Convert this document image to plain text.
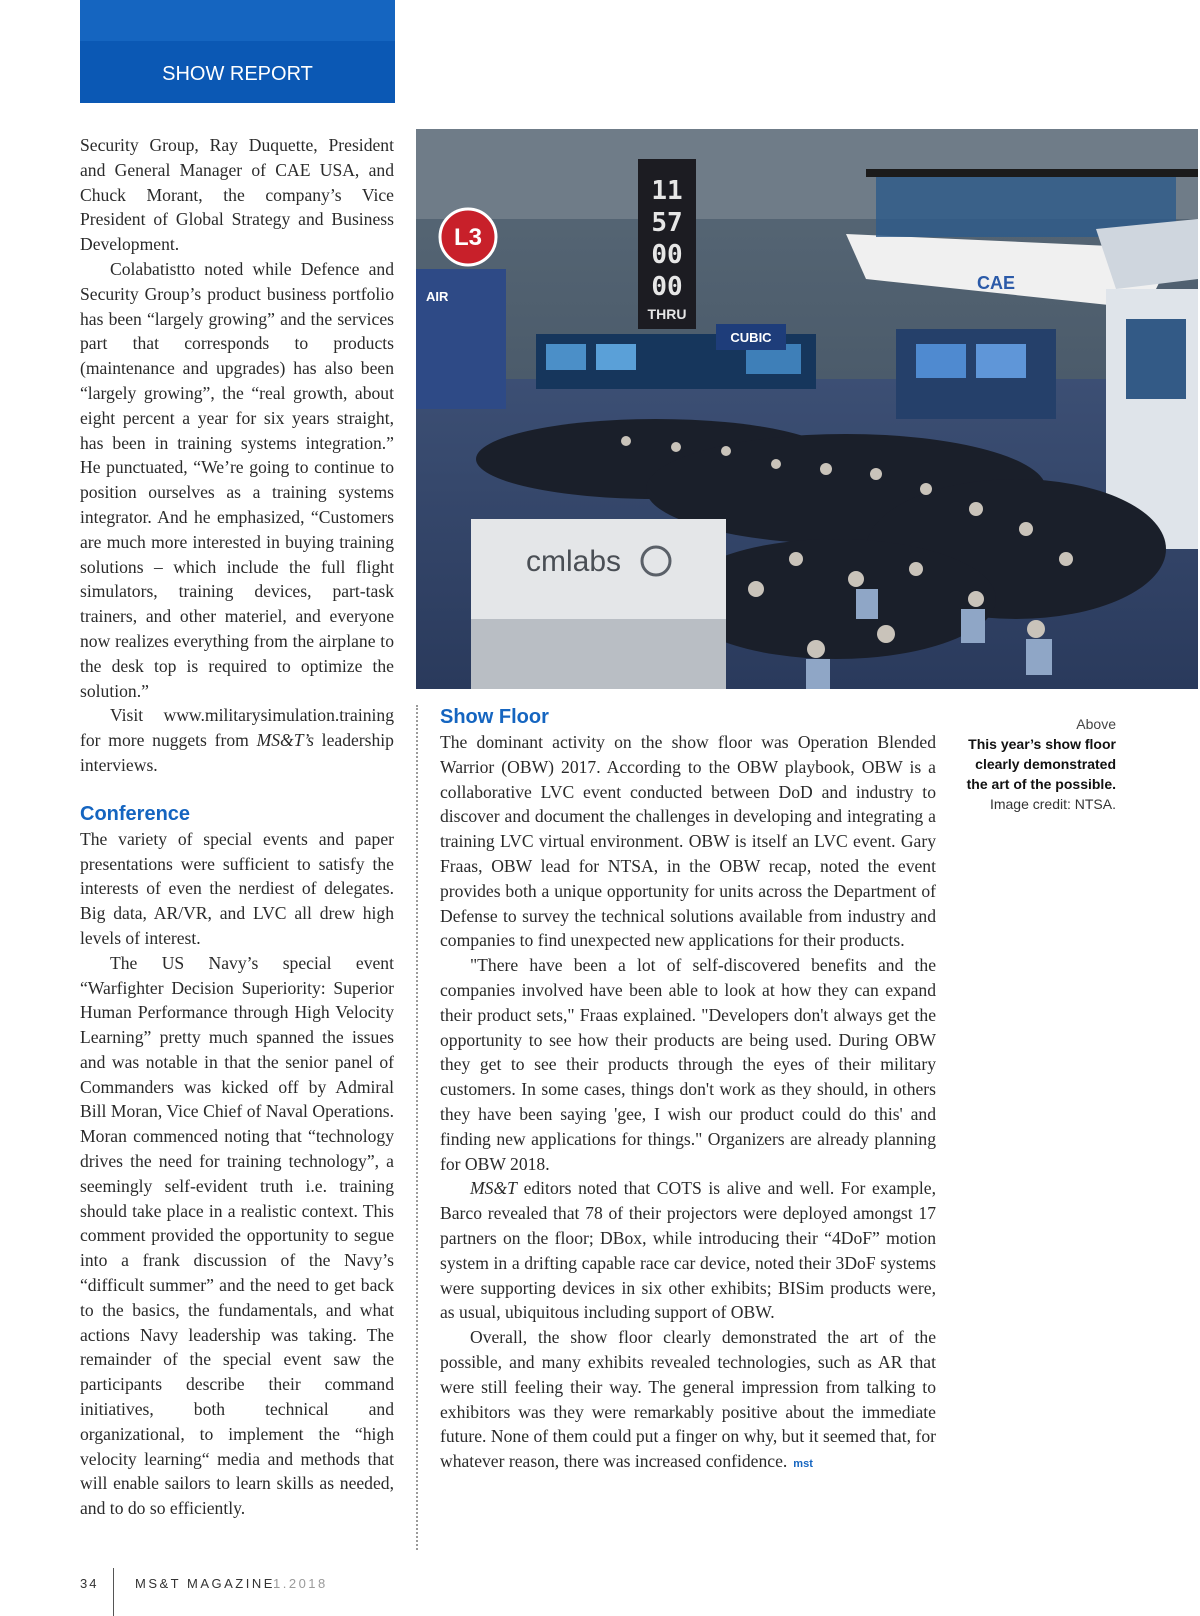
SHOW REPORT

Security Group, Ray Duquette, President and General Manager of CAE USA, and Chuck Morant, the company’s Vice President of Global Strategy and Business Development.

Colabatistto noted while Defence and Security Group’s product business portfolio has been “largely growing” and the services part that corresponds to products (maintenance and upgrades) has also been “largely growing”, the “real growth, about eight percent a year for six years straight, has been in training systems integration.” He punctuated, “We’re going to continue to position ourselves as a training systems integrator. And he emphasized, “Customers are much more interested in buying training solutions – which include the full flight simulators, training devices, part-task trainers, and other materiel, and everyone now realizes everything from the airplane to the desk top is required to optimize the solution.”

Visit www.militarysimulation.training for more nuggets from MS&T’s leadership interviews.

Conference

The variety of special events and paper presentations were sufficient to satisfy the interests of even the nerdiest of delegates. Big data, AR/VR, and LVC all drew high levels of interest.

The US Navy’s special event “Warfighter Decision Superiority: Superior Human Performance through High Velocity Learning” pretty much spanned the issues and was notable in that the senior panel of Commanders was kicked off by Admiral Bill Moran, Vice Chief of Naval Operations. Moran commenced noting that “technology drives the need for training technology”, a seemingly self-evident truth i.e. training should take place in a realistic context. This comment provided the opportunity to segue into a frank discussion of the Navy’s “difficult summer” and the need to get back to the basics, the fundamentals, and what actions Navy leadership was taking. The remainder of the special event saw the participants describe their command initiatives, both technical and organizational, to implement the “high velocity learning“ media and methods that will enable sailors to learn skills as needed, and to do so efficiently.

L3
11
57
00
00
THRU
AIR
CUBIC
CAE
cmlabs
Show Floor

The dominant activity on the show floor was Operation Blended Warrior (OBW) 2017. According to the OBW playbook, OBW is a collaborative LVC event conducted between DoD and industry to discover and document the challenges in developing and integrating a training LVC virtual environment. OBW is itself an LVC event. Gary Fraas, OBW lead for NTSA, in the OBW recap, noted the event provides both a unique opportunity for units across the Department of Defense to survey the technical solutions available from industry and companies to find unexpected new applications for their products.

"There have been a lot of self-discovered benefits and the companies involved have been able to look at how they can expand their product sets," Fraas explained. "Developers don't always get the opportunity to see how their products are being used. During OBW they get to see their products through the eyes of their military customers. In some cases, things don't work as they should, in others they have been saying 'gee, I wish our product could do this' and finding new applications for things." Organizers are already planning for OBW 2018.

MS&T editors noted that COTS is alive and well. For example, Barco revealed that 78 of their projectors were deployed amongst 17 partners on the floor; DBox, while introducing their “4DoF” motion system in a drifting capable race car device, noted their 3DoF systems were supporting devices in six other exhibits; BISim products were, as usual, ubiquitous including support of OBW.

Overall, the show floor clearly demonstrated the art of the possible, and many exhibits revealed technologies, such as AR that were still feeling their way. The general impression from talking to exhibitors was they were remarkably positive about the immediate future. None of them could put a finger on why, but it seemed that, for whatever reason, there was increased confidence. mst

Above
This year’s show floor clearly demonstrated the art of the possible.
Image credit: NTSA.
34	MS&T MAGAZINE
1.2018
